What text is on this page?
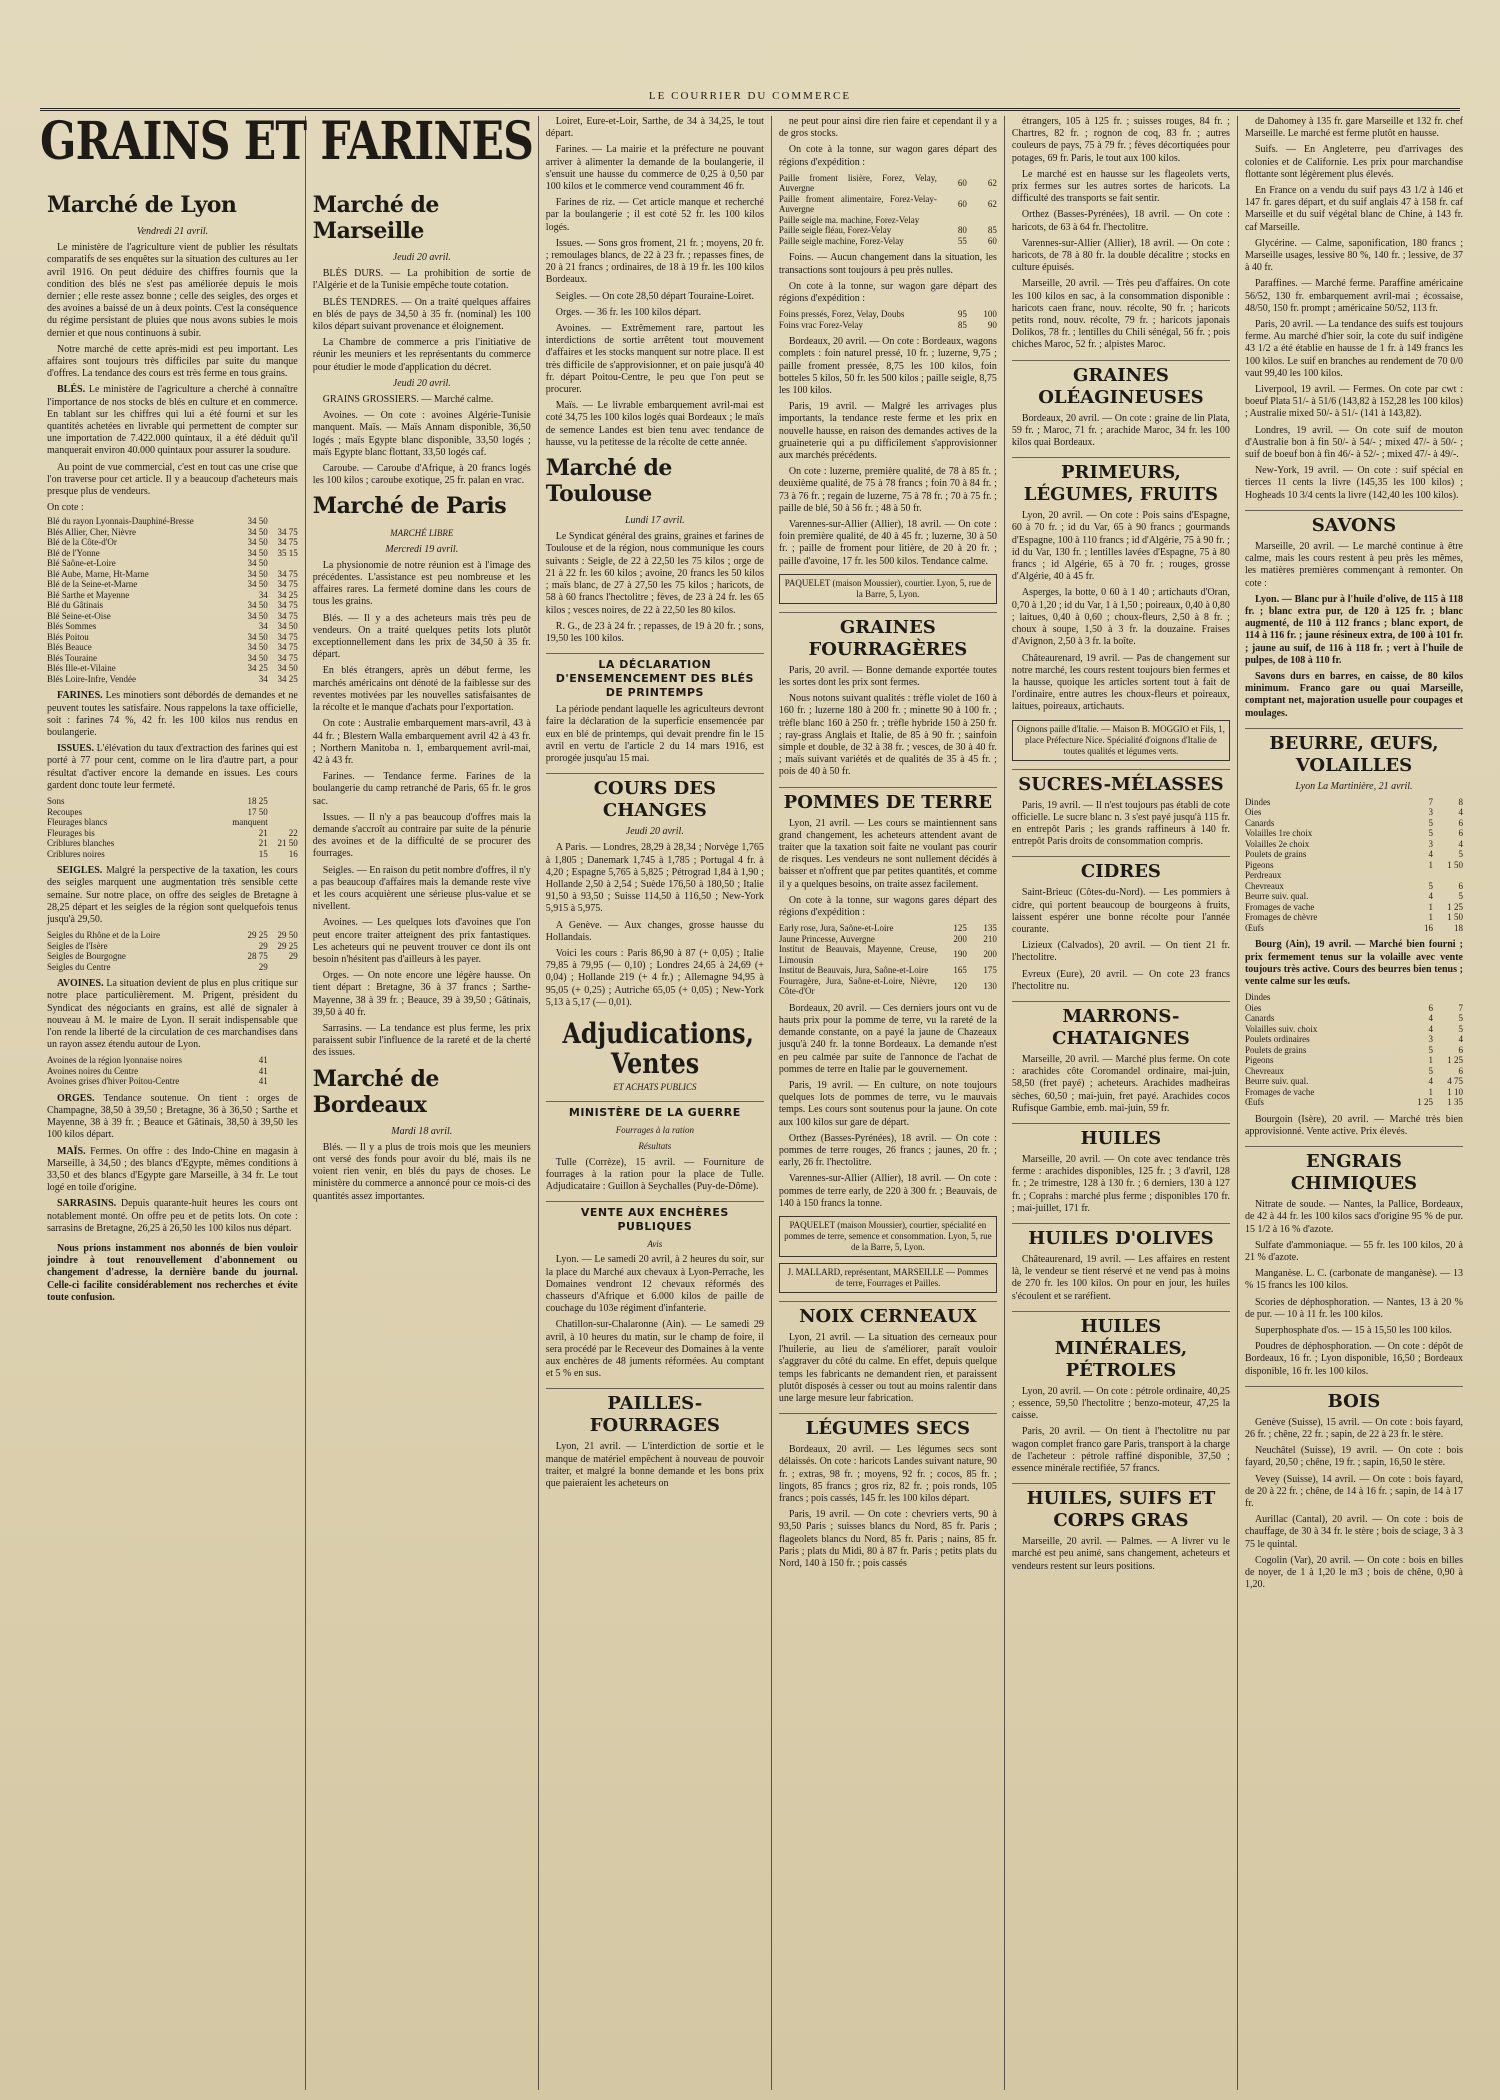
LE COURRIER DU COMMERCE
Marché de Lyon
Vendredi 21 avril.

Le ministère de l'agriculture vient de publier les résultats comparatifs de ses enquêtes sur la situation des cultures au 1er avril 1916. On peut déduire des chiffres fournis que la condition des blés ne s'est pas améliorée depuis le mois dernier ; elle reste assez bonne ; celle des seigles, des orges et des avoines a baissé de un à deux points. C'est la conséquence du régime persistant de pluies que nous avons subies le mois dernier et que nous continuons à subir.

Notre marché de cette après-midi est peu important. Les affaires sont toujours très difficiles par suite du manque d'offres. La tendance des cours est très ferme en tous grains.

BLÉS. Le ministère de l'agriculture a cherché à connaître l'importance de nos stocks de blés en culture et en commerce. En tablant sur les chiffres qui lui a été fourni et sur les quantités achetées en livrable qui permettent de compter sur une importation de 7.422.000 quintaux, il a été déduit qu'il manquerait environ 40.000 quintaux pour assurer la soudure.

Au point de vue commercial, c'est en tout cas une crise que l'on traverse pour cet article. Il y a beaucoup d'acheteurs mais presque plus de vendeurs.

On cote :
Blé du rayon Lyonnais-Dauphiné-Bresse	34 50	
Blés Allier, Cher, Nièvre	34 50	34 75
Blé de la Côte-d'Or	34 50	34 75
Blé de l'Yonne	34 50	35 15
Blé Saône-et-Loire	34 50	
Blé Aube, Marne, Ht-Marne	34 50	34 75
Blé de la Seine-et-Marne	34 50	34 75
Blé Sarthe et Mayenne	34	34 25
Blé du Gâtinais	34 50	34 75
Blé Seine-et-Oise	34 50	34 75
Blés Sommes	34	34 50
Blés Poitou	34 50	34 75
Blés Beauce	34 50	34 75
Blés Touraine	34 50	34 75
Blés Ille-et-Vilaine	34 25	34 50
Blés Loire-Infre, Vendée	34	34 25

FARINES. Les minotiers sont débordés de demandes et ne peuvent toutes les satisfaire. Nous rappelons la taxe officielle, soit : farines 74 %, 42 fr. les 100 kilos nus rendus en boulangerie.

ISSUES. L'élévation du taux d'extraction des farines qui est porté à 77 pour cent, comme on le lira d'autre part, a pour résultat d'activer encore la demande en issues. Les cours gardent donc toute leur fermeté.

Sons	18 25	
Recoupes	17 50	
Fleurages blancs	manquent	
Fleurages bis	21	22
Criblures blanches	21	21 50
Criblures noires	15	16

SEIGLES. Malgré la perspective de la taxation, les cours des seigles marquent une augmentation très sensible cette semaine. Sur notre place, on offre des seigles de Bretagne à 28,25 départ et les seigles de la région sont quelquefois tenus jusqu'à 29,50.

Seigles du Rhône et de la Loire	29 25	29 50
Seigles de l'Isère	29	29 25
Seigles de Bourgogne	28 75	29
Seigles du Centre	29	

AVOINES. La situation devient de plus en plus critique sur notre place particulièrement. M. Prigent, président du Syndicat des négociants en grains, est allé de signaler à nouveau à M. le maire de Lyon. Il serait indispensable que l'on rende la liberté de la circulation de ces marchandises dans un rayon assez étendu autour de Lyon.

Avoines de la région lyonnaise noires	41	
Avoines noires du Centre	41	
Avoines grises d'hiver Poitou-Centre	41	

ORGES. Tendance soutenue. On tient : orges de Champagne, 38,50 à 39,50 ; Bretagne, 36 à 36,50 ; Sarthe et Mayenne, 38 à 39 fr. ; Beauce et Gâtinais, 38,50 à 39,50 les 100 kilos départ.

MAÏS. Fermes. On offre : des Indo-Chine en magasin à Marseille, à 34,50 ; des blancs d'Egypte, mêmes conditions à 33,50 et des blancs d'Egypte gare Marseille, à 34 fr. Le tout logé en toile d'origine.

SARRASINS. Depuis quarante-huit heures les cours ont notablement monté. On offre peu et de petits lots. On cote : sarrasins de Bretagne, 26,25 à 26,50 les 100 kilos nus départ.

Nous prions instamment nos abonnés de bien vouloir joindre à tout renouvellement d'abonnement ou changement d'adresse, la dernière bande du journal. Celle-ci facilite considérablement nos recherches et évite toute confusion.
Marché de Marseille
Jeudi 20 avril.

BLÉS DURS. — La prohibition de sortie de l'Algérie et de la Tunisie empêche toute cotation.

BLÉS TENDRES. — On a traité quelques affaires en blés de pays de 34,50 à 35 fr. (nominal) les 100 kilos départ suivant provenance et éloignement.

La Chambre de commerce a pris l'initiative de réunir les meuniers et les représentants du commerce pour étudier le mode d'application du décret.

Jeudi 20 avril.

GRAINS GROSSIERS. — Marché calme.

Avoines. — On cote : avoines Algérie-Tunisie manquent. Maïs. — Maïs Annam disponible, 36,50 logés ; maïs Egypte blanc disponible, 33,50 logés ; maïs Egypte blanc flottant, 33,50 logés caf.

Caroube. — Caroube d'Afrique, à 20 francs logés les 100 kilos ; caroube exotique, 25 fr. palan en vrac.

Marché de Paris
MARCHÉ LIBRE
Mercredi 19 avril.

La physionomie de notre réunion est à l'image des précédentes. L'assistance est peu nombreuse et les affaires rares. La fermeté domine dans les cours de tous les grains.

Blés. — Il y a des acheteurs mais très peu de vendeurs. On a traité quelques petits lots plutôt exceptionnellement dans les prix de 34,50 à 35 fr. départ.

En blés étrangers, après un début ferme, les marchés américains ont dénoté de la faiblesse sur des reventes motivées par les nouvelles satisfaisantes de la récolte et le manque d'achats pour l'exportation.

On cote : Australie embarquement mars-avril, 43 à 44 fr. ; Blestern Walla embarquement avril 42 à 43 fr. ; Northern Manitoba n. 1, embarquement avril-mai, 42 à 43 fr.

Farines. — Tendance ferme. Farines de la boulangerie du camp retranché de Paris, 65 fr. le gros sac.

Issues. — Il n'y a pas beaucoup d'offres mais la demande s'accroît au contraire par suite de la pénurie des avoines et de la difficulté de se procurer des fourrages.

Seigles. — En raison du petit nombre d'offres, il n'y a pas beaucoup d'affaires mais la demande reste vive et les cours acquièrent une sérieuse plus-value et se nivellent.

Avoines. — Les quelques lots d'avoines que l'on peut encore traiter atteignent des prix fantastiques. Les acheteurs qui ne peuvent trouver ce dont ils ont besoin n'hésitent pas d'ailleurs à les payer.

Orges. — On note encore une légère hausse. On tient départ : Bretagne, 36 à 37 francs ; Sarthe-Mayenne, 38 à 39 fr. ; Beauce, 39 à 39,50 ; Gâtinais, 39,50 à 40 fr.

Sarrasins. — La tendance est plus ferme, les prix paraissent subir l'influence de la rareté et de la cherté des issues.

Marché de Bordeaux
Mardi 18 avril.

Blés. — Il y a plus de trois mois que les meuniers ont versé des fonds pour avoir du blé, mais ils ne voient rien venir, en blés du pays de choses. Le ministère du commerce a annoncé pour ce mois-ci des quantités assez importantes.

Loiret, Eure-et-Loir, Sarthe, de 34 à 34,25, le tout départ.

Farines. — La mairie et la préfecture ne pouvant arriver à alimenter la demande de la boulangerie, il s'ensuit une hausse du commerce de 0,25 à 0,50 par 100 kilos et le commerce vend couramment 46 fr.

Farines de riz. — Cet article manque et recherché par la boulangerie ; il est coté 52 fr. les 100 kilos logés.

Issues. — Sons gros froment, 21 fr. ; moyens, 20 fr. ; remoulages blancs, de 22 à 23 fr. ; repasses fines, de 20 à 21 francs ; ordinaires, de 18 à 19 fr. les 100 kilos Bordeaux.

Seigles. — On cote 28,50 départ Touraine-Loiret.

Orges. — 36 fr. les 100 kilos départ.

Avoines. — Extrêmement rare, partout les interdictions de sortie arrêtent tout mouvement d'affaires et les stocks manquent sur notre place. Il est très difficile de s'approvisionner, et on paie jusqu'à 40 fr. départ Poitou-Centre, le peu que l'on peut se procurer.

Maïs. — Le livrable embarquement avril-mai est coté 34,75 les 100 kilos logés quai Bordeaux ; le maïs de semence Landes est bien tenu avec tendance de hausse, vu la petitesse de la récolte de cette année.

Marché de Toulouse
Lundi 17 avril.

Le Syndicat général des grains, graines et farines de Toulouse et de la région, nous communique les cours suivants : Seigle, de 22 à 22,50 les 75 kilos ; orge de 21 à 22 fr. les 60 kilos ; avoine, 20 francs les 50 kilos ; maïs blanc, de 27 à 27,50 les 75 kilos ; haricots, de 58 à 60 francs l'hectolitre ; fèves, de 23 à 24 fr. les 65 kilos ; vesces noires, de 22 à 22,50 les 80 kilos.

R. G., de 23 à 24 fr. ; repasses, de 19 à 20 fr. ; sons, 19,50 les 100 kilos.

LA DÉCLARATION D'ENSEMENCEMENT DES BLÉS DE PRINTEMPS

La période pendant laquelle les agriculteurs devront faire la déclaration de la superficie ensemencée par eux en blé de printemps, qui devait prendre fin le 15 avril en vertu de l'article 2 du 14 mars 1916, est prorogée jusqu'au 15 mai.

COURS DES CHANGES
Jeudi 20 avril.

A Paris. — Londres, 28,29 à 28,34 ; Norvège 1,765 à 1,805 ; Danemark 1,745 à 1,785 ; Portugal 4 fr. à 4,20 ; Espagne 5,765 à 5,825 ; Pétrograd 1,84 à 1,90 ; Hollande 2,50 à 2,54 ; Suède 176,50 à 180,50 ; Italie 91,50 à 93,50 ; Suisse 114,50 à 116,50 ; New-York 5,915 à 5,975.

A Genève. — Aux changes, grosse hausse du Hollandais.

Voici les cours : Paris 86,90 à 87 (+ 0,05) ; Italie 79,85 à 79,95 (— 0,10) ; Londres 24,65 à 24,69 (+ 0,04) ; Hollande 219 (+ 4 fr.) ; Allemagne 94,95 à 95,05 (+ 0,25) ; Autriche 65,05 (+ 0,05) ; New-York 5,13 à 5,17 (— 0,01).

Adjudications, Ventes
ET ACHATS PUBLICS
MINISTÈRE DE LA GUERRE
Fourrages à la ration
Résultats

Tulle (Corrèze), 15 avril. — Fourniture de fourrages à la ration pour la place de Tulle. Adjudicataire : Guillon à Seychalles (Puy-de-Dôme).

VENTE AUX ENCHÈRES PUBLIQUES
Avis

Lyon. — Le samedi 20 avril, à 2 heures du soir, sur la place du Marché aux chevaux à Lyon-Perrache, les Domaines vendront 12 chevaux réformés des chasseurs d'Afrique et 6.000 kilos de paille de couchage du 103e régiment d'infanterie.

Chatillon-sur-Chalaronne (Ain). — Le samedi 29 avril, à 10 heures du matin, sur le champ de foire, il sera procédé par le Receveur des Domaines à la vente aux enchères de 48 juments réformées. Au comptant et 5 % en sus.

PAILLES-FOURRAGES

Lyon, 21 avril. — L'interdiction de sortie et le manque de matériel empêchent à nouveau de pouvoir traiter, et malgré la bonne demande et les bons prix que paieraient les acheteurs on

ne peut pour ainsi dire rien faire et cependant il y a de gros stocks.

On cote à la tonne, sur wagon gares départ des régions d'expédition :

Paille froment lisière, Forez, Velay, Auvergne	60	62
Paille froment alimentaire, Forez-Velay-Auvergne	60	62
Paille seigle ma. machine, Forez-Velay		
Paille seigle fléau, Forez-Velay	80	85
Paille seigle machine, Forez-Velay	55	60

Foins. — Aucun changement dans la situation, les transactions sont toujours à peu près nulles.

On cote à la tonne, sur wagon gare départ des régions d'expédition :

Foins pressés, Forez, Velay, Doubs	95	100
Foins vrac Forez-Velay	85	90

Bordeaux, 20 avril. — On cote : Bordeaux, wagons complets : foin naturel pressé, 10 fr. ; luzerne, 9,75 ; paille froment pressée, 8,75 les 100 kilos, foin botteles 5 kilos, 50 fr. les 500 kilos ; paille seigle, 8,75 les 100 kilos.

Paris, 19 avril. — Malgré les arrivages plus importants, la tendance reste ferme et les prix en nouvelle hausse, en raison des demandes actives de la gruaineterie qui a pu difficilement s'approvisionner aux marchés précédents.

On cote : luzerne, première qualité, de 78 à 85 fr. ; deuxième qualité, de 75 à 78 francs ; foin 70 à 84 fr. ; 73 à 76 fr. ; regain de luzerne, 75 à 78 fr. ; 70 à 75 fr. ; paille de blé, 50 à 56 fr. ; 48 à 50 fr.

Varennes-sur-Allier (Allier), 18 avril. — On cote : foin première qualité, de 40 à 45 fr. ; luzerne, 30 à 50 fr. ; paille de froment pour litière, de 20 à 20 fr. ; paille d'avoine, 17 fr. les 500 kilos. Tendance calme.

PAQUELET (maison Moussier), courtier. Lyon, 5, rue de la Barre, 5, Lyon.
GRAINES FOURRAGÈRES

Paris, 20 avril. — Bonne demande exportée toutes les sortes dont les prix sont fermes.

Nous notons suivant qualités : trèfle violet de 160 à 160 fr. ; luzerne 180 à 200 fr. ; minette 90 à 100 fr. ; trèfle blanc 160 à 250 fr. ; trèfle hybride 150 à 250 fr. ; ray-grass Anglais et Italie, de 85 à 90 fr. ; sainfoin simple et double, de 32 à 38 fr. ; vesces, de 30 à 40 fr. ; maïs suivant variétés et de qualités de 35 à 45 fr. ; pois de 40 à 50 fr.

POMMES DE TERRE

Lyon, 21 avril. — Les cours se maintiennent sans grand changement, les acheteurs attendent avant de traiter que la taxation soit faite ne voulant pas courir de risques. Les vendeurs ne sont nullement décidés à baisser et n'offrent que par petites quantités, et comme il y a quelques besoins, on traite assez facilement.

On cote à la tonne, sur wagons gares départ des régions d'expédition :

Early rose, Jura, Saône-et-Loire	125	135
Jaune Princesse, Auvergne	200	210
Institut de Beauvais, Mayenne, Creuse, Limousin	190	200
Institut de Beauvais, Jura, Saône-et-Loire	165	175
Fourragère, Jura, Saône-et-Loire, Nièvre, Côte-d'Or	120	130

Bordeaux, 20 avril. — Ces derniers jours ont vu de hauts prix pour la pomme de terre, vu la rareté de la demande constante, on a payé la jaune de Chazeaux jusqu'à 240 fr. la tonne Bordeaux. La demande n'est en peu calmée par suite de l'annonce de l'achat de pommes de terre en Italie par le gouvernement.

Paris, 19 avril. — En culture, on note toujours quelques lots de pommes de terre, vu le mauvais temps. Les cours sont soutenus pour la jaune. On cote aux 100 kilos sur gare de départ.

Orthez (Basses-Pyrénées), 18 avril. — On cote : pommes de terre rouges, 26 francs ; jaunes, 20 fr. ; early, 26 fr. l'hectolitre.

Varennes-sur-Allier (Allier), 18 avril. — On cote : pommes de terre early, de 220 à 300 fr. ; Beauvais, de 140 à 150 francs la tonne.

PAQUELET (maison Moussier), courtier, spécialité en pommes de terre, semence et consommation. Lyon, 5, rue de la Barre, 5, Lyon.
J. MALLARD, représentant, MARSEILLE — Pommes de terre, Fourrages et Pailles.
NOIX CERNEAUX

Lyon, 21 avril. — La situation des cerneaux pour l'huilerie, au lieu de s'améliorer, paraît vouloir s'aggraver du côté du calme. En effet, depuis quelque temps les fabricants ne demandent rien, et paraissent plutôt disposés à cesser ou tout au moins ralentir dans une large mesure leur fabrication.

LÉGUMES SECS

Bordeaux, 20 avril. — Les légumes secs sont délaissés. On cote : haricots Landes suivant nature, 90 fr. ; extras, 98 fr. ; moyens, 92 fr. ; cocos, 85 fr. ; lingots, 85 francs ; gros riz, 82 fr. ; pois ronds, 105 francs ; pois cassés, 145 fr. les 100 kilos départ.

Paris, 19 avril. — On cote : chevriers verts, 90 à 93,50 Paris ; suisses blancs du Nord, 85 fr. Paris ; flageolets blancs du Nord, 85 fr. Paris ; nains, 85 fr. Paris ; plats du Midi, 80 à 87 fr. Paris ; petits plats du Nord, 140 à 150 fr. ; pois cassés

étrangers, 105 à 125 fr. ; suisses rouges, 84 fr. ; Chartres, 82 fr. ; rognon de coq, 83 fr. ; autres couleurs de pays, 75 à 79 fr. ; fèves décortiquées pour potages, 69 fr. Paris, le tout aux 100 kilos.

Le marché est en hausse sur les flageolets verts, prix fermes sur les autres sortes de haricots. La difficulté des transports se fait sentir.

Orthez (Basses-Pyrénées), 18 avril. — On cote : haricots, de 63 à 64 fr. l'hectolitre.

Varennes-sur-Allier (Allier), 18 avril. — On cote : haricots, de 78 à 80 fr. la double décalitre ; stocks en culture épuisés.

Marseille, 20 avril. — Très peu d'affaires. On cote les 100 kilos en sac, à la consommation disponible : haricots caen franc, nouv. récolte, 90 fr. ; haricots petits rond, nouv. récolte, 79 fr. ; haricots japonais Dolikos, 78 fr. ; lentilles du Chili sénégal, 56 fr. ; pois chiches Maroc, 52 fr. ; alpistes Maroc.

GRAINES OLÉAGINEUSES

Bordeaux, 20 avril. — On cote : graine de lin Plata, 59 fr. ; Maroc, 71 fr. ; arachide Maroc, 34 fr. les 100 kilos quai Bordeaux.

PRIMEURS, LÉGUMES, FRUITS

Lyon, 20 avril. — On cote : Pois sains d'Espagne, 60 à 70 fr. ; id du Var, 65 à 90 francs ; gourmands d'Espagne, 100 à 110 francs ; id d'Algérie, 75 à 90 fr. ; id du Var, 130 fr. ; lentilles lavées d'Espagne, 75 à 80 francs ; id Algérie, 65 à 70 fr. ; rouges, grosse d'Algérie, 40 à 45 fr.

Asperges, la botte, 0 60 à 1 40 ; artichauts d'Oran, 0,70 à 1,20 ; id du Var, 1 à 1,50 ; poireaux, 0,40 à 0,80 ; laitues, 0,40 à 0,60 ; choux-fleurs, 2,50 à 8 fr. ; choux à soupe, 1,50 à 3 fr. la douzaine. Fraises d'Avignon, 2,50 à 3 fr. la boîte.

Châteaurenard, 19 avril. — Pas de changement sur notre marché, les cours restent toujours bien fermes et la hausse, quoique les articles sortent tout à fait de l'ordinaire, entre autres les choux-fleurs et poireaux, laitues, poireaux, artichauts.

Oignons paille d'Italie. — Maison B. MOGGIO et Fils, 1, place Préfecture Nice. Spécialité d'oignons d'Italie de toutes qualités et légumes verts.
SUCRES-MÉLASSES

Paris, 19 avril. — Il n'est toujours pas établi de cote officielle. Le sucre blanc n. 3 s'est payé jusqu'à 115 fr. en entrepôt Paris ; les grands raffineurs à 140 fr. entrepôt Paris droits de consommation compris.

CIDRES

Saint-Brieuc (Côtes-du-Nord). — Les pommiers à cidre, qui portent beaucoup de bourgeons à fruits, laissent espérer une bonne récolte pour l'année courante.

Lizieux (Calvados), 20 avril. — On tient 21 fr. l'hectolitre.

Evreux (Eure), 20 avril. — On cote 23 francs l'hectolitre nu.

MARRONS-CHATAIGNES

Marseille, 20 avril. — Marché plus ferme. On cote : arachides côte Coromandel ordinaire, mai-juin, 58,50 (fret payé) ; acheteurs. Arachides madheiras sèches, 60,50 ; mai-juin, fret payé. Arachides cocos Rufisque Gambie, emb. mai-juin, 59 fr.

HUILES

Marseille, 20 avril. — On cote avec tendance très ferme : arachides disponibles, 125 fr. ; 3 d'avril, 128 fr. ; 2e trimestre, 128 à 130 fr. ; 6 derniers, 130 à 127 fr. ; Coprahs : marché plus ferme ; disponibles 170 fr. ; mai-juillet, 171 fr.

HUILES D'OLIVES

Châteaurenard, 19 avril. — Les affaires en restent là, le vendeur se tient réservé et ne vend pas à moins de 270 fr. les 100 kilos. On pour en jour, les huiles s'écoulent et se raréfient.

HUILES MINÉRALES, PÉTROLES

Lyon, 20 avril. — On cote : pétrole ordinaire, 40,25 ; essence, 59,50 l'hectolitre ; benzo-moteur, 47,25 la caisse.

Paris, 20 avril. — On tient à l'hectolitre nu par wagon complet franco gare Paris, transport à la charge de l'acheteur : pétrole raffiné disponible, 37,50 ; essence minérale rectifiée, 57 francs.

HUILES, SUIFS ET CORPS GRAS

Marseille, 20 avril. — Palmes. — A livrer vu le marché est peu animé, sans changement, acheteurs et vendeurs restent sur leurs positions.

de Dahomey à 135 fr. gare Marseille et 132 fr. chef Marseille. Le marché est ferme plutôt en hausse.

Suifs. — En Angleterre, peu d'arrivages des colonies et de Californie. Les prix pour marchandise flottante sont légèrement plus élevés.

En France on a vendu du suif pays 43 1/2 à 146 et 147 fr. gares départ, et du suif anglais 47 à 158 fr. caf Marseille et du suif végétal blanc de Chine, à 143 fr. caf Marseille.

Glycérine. — Calme, saponification, 180 francs ; Marseille usages, lessive 80 %, 140 fr. ; lessive, de 37 à 40 fr.

Paraffines. — Marché ferme. Paraffine américaine 56/52, 130 fr. embarquement avril-mai ; écossaise, 48/50, 150 fr. prompt ; américaine 50/52, 113 fr.

Paris, 20 avril. — La tendance des suifs est toujours ferme. Au marché d'hier soir, la cote du suif indigène 43 1/2 a été établie en hausse de 1 fr. à 149 francs les 100 kilos. Le suif en branches au rendement de 70 0/0 vaut 99,40 les 100 kilos.

Liverpool, 19 avril. — Fermes. On cote par cwt : boeuf Plata 51/- à 51/6 (143,82 à 152,28 les 100 kilos) ; Australie mixed 50/- à 51/- (141 à 143,82).

Londres, 19 avril. — On cote suif de mouton d'Australie bon à fin 50/- à 54/- ; mixed 47/- à 50/- ; suif de boeuf bon à fin 46/- à 52/- ; mixed 47/- à 49/-.

New-York, 19 avril. — On cote : suif spécial en tierces 11 cents la livre (145,35 les 100 kilos) ; Hogheads 10 3/4 cents la livre (142,40 les 100 kilos).

SAVONS

Marseille, 20 avril. — Le marché continue à être calme, mais les cours restent à peu près les mêmes, les matières premières commençant à remonter. On cote :

Lyon. — Blanc pur à l'huile d'olive, de 115 à 118 fr. ; blanc extra pur, de 120 à 125 fr. ; blanc augmenté, de 110 à 112 francs ; blanc export, de 114 à 116 fr. ; jaune résineux extra, de 100 à 101 fr. ; jaune au suif, de 116 à 118 fr. ; vert à l'huile de pulpes, de 108 à 110 fr.

Savons durs en barres, en caisse, de 80 kilos minimum. Franco gare ou quai Marseille, comptant net, majoration usuelle pour coupages et moulages.

BEURRE, ŒUFS, VOLAILLES
Lyon La Martinière, 21 avril.
Dindes	7	8
Oies	3	4
Canards	5	6
Volailles 1re choix	5	6
Volailles 2e choix	3	4
Poulets de grains	4	5
Pigeons	1	1 50
Perdreaux		
Chevreaux	5	6
Beurre suiv. qual.	4	5
Fromages de vache	1	1 25
Fromages de chèvre	1	1 50
Œufs	16	18

Bourg (Ain), 19 avril. — Marché bien fourni ; prix fermement tenus sur la volaille avec vente toujours très active. Cours des beurres bien tenus ; vente calme sur les œufs.

Dindes		
Oies	6	7
Canards	4	5
Volailles suiv. choix	4	5
Poulets ordinaires	3	4
Poulets de grains	5	6
Pigeons	1	1 25
Chevreaux	5	6
Beurre suiv. qual.	4	4 75
Fromages de vache	1	1 10
Œufs	1 25	1 35

Bourgoin (Isère), 20 avril. — Marché très bien approvisionné. Vente active. Prix élevés.

ENGRAIS CHIMIQUES

Nitrate de soude. — Nantes, la Pallice, Bordeaux, de 42 à 44 fr. les 100 kilos sacs d'origine 95 % de pur. 15 1/2 à 16 % d'azote.

Sulfate d'ammoniaque. — 55 fr. les 100 kilos, 20 à 21 % d'azote.

Manganèse. L. C. (carbonate de manganèse). — 13 % 15 francs les 100 kilos.

Scories de déphosphoration. — Nantes, 13 à 20 % de pur. — 10 à 11 fr. les 100 kilos.

Superphosphate d'os. — 15 à 15,50 les 100 kilos.

Poudres de déphosphoration. — On cote : dépôt de Bordeaux, 16 fr. ; Lyon disponible, 16,50 ; Bordeaux disponible, 16 fr. les 100 kilos.

BOIS

Genève (Suisse), 15 avril. — On cote : bois fayard, 26 fr. ; chêne, 22 fr. ; sapin, de 22 à 23 fr. le stère.

Neuchâtel (Suisse), 19 avril. — On cote : bois fayard, 20,50 ; chêne, 19 fr. ; sapin, 16,50 le stère.

Vevey (Suisse), 14 avril. — On cote : bois fayard, de 20 à 22 fr. ; chêne, de 14 à 16 fr. ; sapin, de 14 à 17 fr.

Aurillac (Cantal), 20 avril. — On cote : bois de chauffage, de 30 à 34 fr. le stère ; bois de sciage, 3 à 3 75 le quintal.

Cogolin (Var), 20 avril. — On cote : bois en billes de noyer, de 1 à 1,20 le m3 ; bois de chêne, 0,90 à 1,20.

GRAINS ET FARINES
